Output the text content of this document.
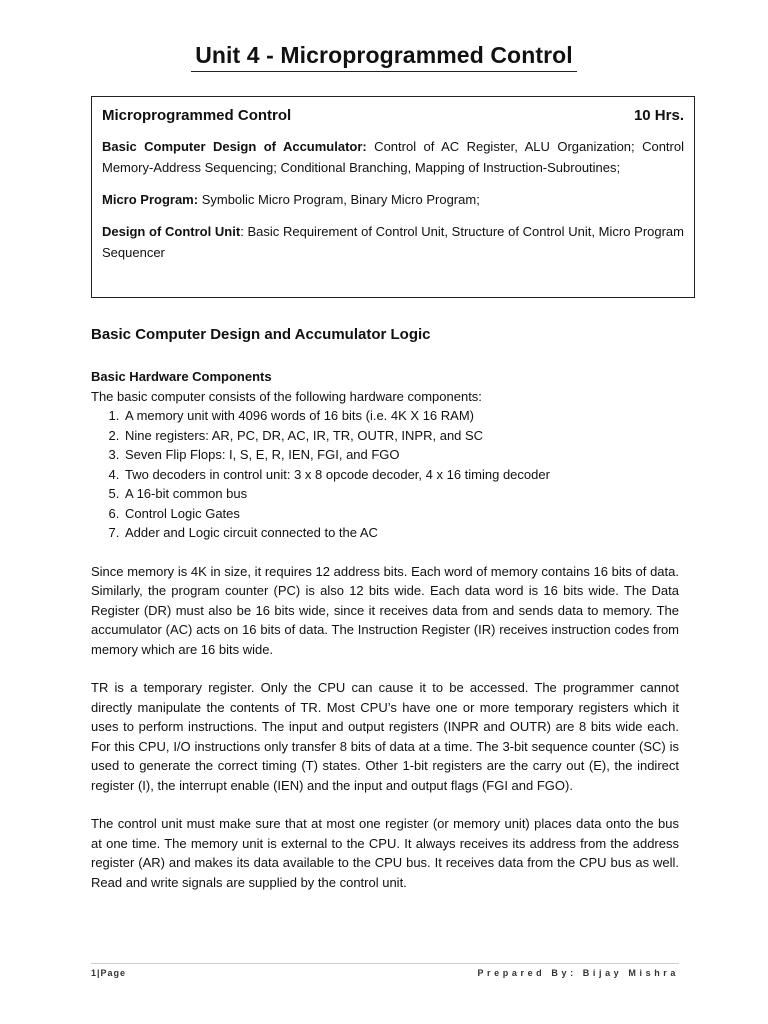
Unit 4 - Microprogrammed Control
Microprogrammed Control	10 Hrs.

Basic Computer Design of Accumulator: Control of AC Register, ALU Organization; Control Memory-Address Sequencing; Conditional Branching, Mapping of Instruction-Subroutines;

Micro Program: Symbolic Micro Program, Binary Micro Program;

Design of Control Unit: Basic Requirement of Control Unit, Structure of Control Unit, Micro Program Sequencer

Basic Computer Design and Accumulator Logic
Basic Hardware Components
The basic computer consists of the following hardware components:
1. A memory unit with 4096 words of 16 bits (i.e. 4K X 16 RAM)
2. Nine registers: AR, PC, DR, AC, IR, TR, OUTR, INPR, and SC
3. Seven Flip Flops: I, S, E, R, IEN, FGI, and FGO
4. Two decoders in control unit: 3 x 8 opcode decoder, 4 x 16 timing decoder
5. A 16-bit common bus
6. Control Logic Gates
7. Adder and Logic circuit connected to the AC

Since memory is 4K in size, it requires 12 address bits. Each word of memory contains 16 bits of data. Similarly, the program counter (PC) is also 12 bits wide. Each data word is 16 bits wide. The Data Register (DR) must also be 16 bits wide, since it receives data from and sends data to memory. The accumulator (AC) acts on 16 bits of data. The Instruction Register (IR) receives instruction codes from memory which are 16 bits wide.

TR is a temporary register. Only the CPU can cause it to be accessed. The programmer cannot directly manipulate the contents of TR. Most CPU’s have one or more temporary registers which it uses to perform instructions. The input and output registers (INPR and OUTR) are 8 bits wide each. For this CPU, I/O instructions only transfer 8 bits of data at a time. The 3-bit sequence counter (SC) is used to generate the correct timing (T) states. Other 1-bit registers are the carry out (E), the indirect register (I), the interrupt enable (IEN) and the input and output flags (FGI and FGO).

The control unit must make sure that at most one register (or memory unit) places data onto the bus at one time. The memory unit is external to the CPU. It always receives its address from the address register (AR) and makes its data available to the CPU bus. It receives data from the CPU bus as well. Read and write signals are supplied by the control unit.

1|Page	Prepared By: Bijay Mishra
